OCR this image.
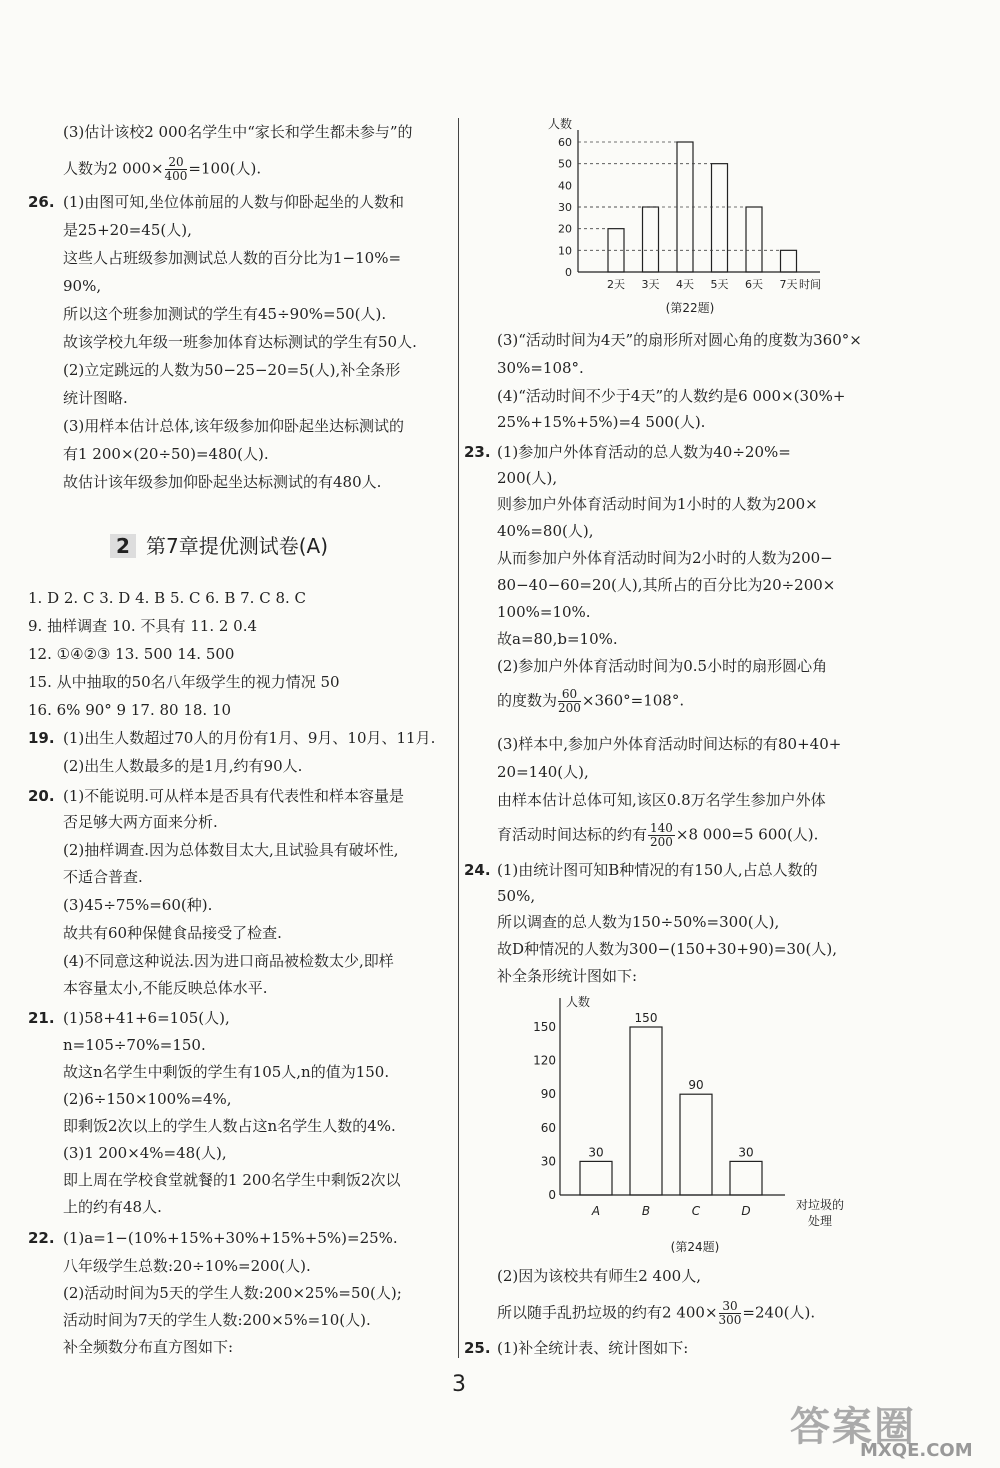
(3)估计该校2 000名学生中“家长和学生都未参与”的
人数为2 $000\times \frac{20}{400} =100$(人).
26. (1)由图可知,坐位体前屈的人数与仰卧起坐的人数和
是25+20=45(人),
这些人占班级参加测试总人数的百分比为1−10%=
90%,
所以这个班参加测试的学生有45÷90%=50(人).
故该学校九年级一班参加体育达标测试的学生有50人.
(2)立定跳远的人数为50−25−20=5(人),补全条形
统计图略.
(3)用样本估计总体,该年级参加仰卧起坐达标测试的
有1 200×(20÷50)=480(人).
故估计该年级参加仰卧起坐达标测试的有480人.
2 第7章提优测试卷(A)
1. D 2. C 3. D 4. B 5. C 6. B 7. C 8. C
9. 抽样调查 10. 不具有 11. 2 0.4
12. ①④②③ 13. 500 14. 500
15. 从中抽取的50名八年级学生的视力情况 50
16. 6% 90° 9 17. 80 18. 10
19. (1)出生人数超过70人的月份有1月、9月、10月、11月.
(2)出生人数最多的是1月,约有90人.
20. (1)不能说明.可从样本是否具有代表性和样本容量是
否足够大两方面来分析.
(2)抽样调查.因为总体数目太大,且试验具有破坏性,
不适合普查.
(3)45÷75%=60(种).
故共有60种保健食品接受了检查.
(4)不同意这种说法.因为进口商品被检数太少,即样
本容量太小,不能反映总体水平.
21. (1)58+41+6=105(人),
n=105÷70%=150.
故这n名学生中剩饭的学生有105人,n的值为150.
(2)6÷150×100%=4%,
即剩饭2次以上的学生人数占这n名学生人数的4%.
(3)1 200×4%=48(人),
即上周在学校食堂就餐的1 200名学生中剩饭2次以
上的约有48人.
22. (1)a=1−(10%+15%+30%+15%+5%)=25%.
八年级学生总数:20÷10%=200(人).
(2)活动时间为5天的学生人数:200×25%=50(人);
活动时间为7天的学生人数:200×5%=10(人).
补全频数分布直方图如下:
人数
0
10
20
30
40
50
60
2天 3天 4天 5天 6天 7天 时间
(第22题)
(3)“活动时间为4天”的扇形所对圆心角的度数为360°×
30%=108°.
(4)“活动时间不少于4天”的人数约是6 000×(30%+
25%+15%+5%)=4 500(人).
23. (1)参加户外体育活动的总人数为40÷20%=
200(人),
则参加户外体育活动时间为1小时的人数为200×
40%=80(人),
从而参加户外体育活动时间为2小时的人数为200−
80−40−60=20(人),其所占的百分比为20÷200×
100%=10%.
故a=80,b=10%.
(2)参加户外体育活动时间为0.5小时的扇形圆心角
的度数为 $\frac{60}{200} \times 360^\circ=108^\circ$.
(3)样本中,参加户外体育活动时间达标的有80+40+
20=140(人),
由样本估计总体可知,该区0.8万名学生参加户外体
育活动时间达标的约有 $\frac{140}{200} \times 8$ 000=5 600(人).
24. (1)由统计图可知B种情况的有150人,占总人数的
50%,
所以调查的总人数为150÷50%=300(人),
故D种情况的人数为300−(150+30+90)=30(人),
补全条形统计图如下:
人数
0
30
60
90
120
150
30
A
150
B
90
C
30
D	对垃圾的
处理
(第24题)
(2)因为该校共有师生2 400人,
所以随手乱扔垃圾的约有2 $400\times \frac{30}{300} =240$(人).
25. (1)补全统计表、统计图如下:
3
答案圈
MXQE.COM
